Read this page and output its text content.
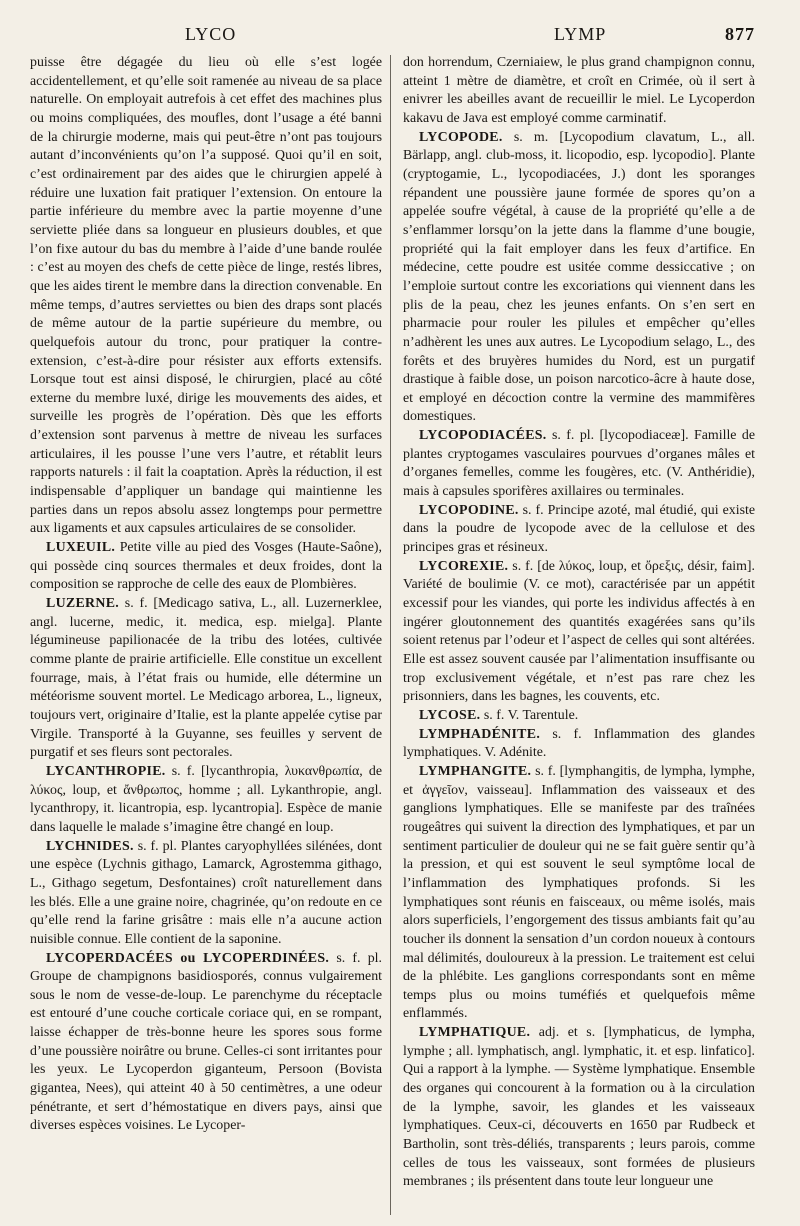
LYCO	LYMP	877

puisse être dégagée du lieu où elle s’est logée accidentellement, et qu’elle soit ramenée au niveau de sa place naturelle. On employait autrefois à cet effet des machines plus ou moins compliquées, des moufles, dont l’usage a été banni de la chirurgie moderne, mais qui peut-être n’ont pas toujours autant d’inconvénients qu’on l’a supposé. Quoi qu’il en soit, c’est ordinairement par des aides que le chirurgien appelé à réduire une luxation fait pratiquer l’extension. On entoure la partie inférieure du membre avec la partie moyenne d’une serviette pliée dans sa longueur en plusieurs doubles, et que l’on fixe autour du bas du membre à l’aide d’une bande roulée : c’est au moyen des chefs de cette pièce de linge, restés libres, que les aides tirent le membre dans la direction convenable. En même temps, d’autres serviettes ou bien des draps sont placés de même autour de la partie supérieure du membre, ou quelquefois autour du tronc, pour pratiquer la contre-extension, c’est-à-dire pour résister aux efforts extensifs. Lorsque tout est ainsi disposé, le chirurgien, placé au côté externe du membre luxé, dirige les mouvements des aides, et surveille les progrès de l’opération. Dès que les efforts d’extension sont parvenus à mettre de niveau les surfaces articulaires, il les pousse l’une vers l’autre, et rétablit leurs rapports naturels : il fait la coaptation. Après la réduction, il est indispensable d’appliquer un bandage qui maintienne les parties dans un repos absolu assez longtemps pour permettre aux ligaments et aux capsules articulaires de se consolider.

LUXEUIL. Petite ville au pied des Vosges (Haute-Saône), qui possède cinq sources thermales et deux froides, dont la composition se rapproche de celle des eaux de Plombières.

LUZERNE. s. f. [Medicago sativa, L., all. Luzernerklee, angl. lucerne, medic, it. medica, esp. mielga]. Plante légumineuse papilionacée de la tribu des lotées, cultivée comme plante de prairie artificielle. Elle constitue un excellent fourrage, mais, à l’état frais ou humide, elle détermine un météorisme souvent mortel. Le Medicago arborea, L., ligneux, toujours vert, originaire d’Italie, est la plante appelée cytise par Virgile. Transporté à la Guyanne, ses feuilles y servent de purgatif et ses fleurs sont pectorales.

LYCANTHROPIE. s. f. [lycanthropia, λυκανθρωπία, de λύκος, loup, et ἄνθρωπος, homme ; all. Lykanthropie, angl. lycanthropy, it. licantropia, esp. lycantropia]. Espèce de manie dans laquelle le malade s’imagine être changé en loup.

LYCHNIDES. s. f. pl. Plantes caryophyllées silénées, dont une espèce (Lychnis githago, Lamarck, Agrostemma githago, L., Githago segetum, Desfontaines) croît naturellement dans les blés. Elle a une graine noire, chagrinée, qu’on redoute en ce qu’elle rend la farine grisâtre : mais elle n’a aucune action nuisible connue. Elle contient de la saponine.

LYCOPERDACÉES ou LYCOPERDINÉES. s. f. pl. Groupe de champignons basidiosporés, connus vulgairement sous le nom de vesse-de-loup. Le parenchyme du réceptacle est entouré d’une couche corticale coriace qui, en se rompant, laisse échapper de très-bonne heure les spores sous forme d’une poussière noirâtre ou brune. Celles-ci sont irritantes pour les yeux. Le Lycoperdon giganteum, Persoon (Bovista gigantea, Nees), qui atteint 40 à 50 centimètres, a une odeur pénétrante, et sert d’hémostatique en divers pays, ainsi que diverses espèces voisines. Le Lycoper-

don horrendum, Czerniaiew, le plus grand champignon connu, atteint 1 mètre de diamètre, et croît en Crimée, où il sert à enivrer les abeilles avant de recueillir le miel. Le Lycoperdon kakavu de Java est employé comme carminatif.

LYCOPODE. s. m. [Lycopodium clavatum, L., all. Bärlapp, angl. club-moss, it. licopodio, esp. lycopodio]. Plante (cryptogamie, L., lycopodiacées, J.) dont les sporanges répandent une poussière jaune formée de spores qu’on a appelée soufre végétal, à cause de la propriété qu’elle a de s’enflammer lorsqu’on la jette dans la flamme d’une bougie, propriété qui la fait employer dans les feux d’artifice. En médecine, cette poudre est usitée comme dessiccative ; on l’emploie surtout contre les excoriations qui viennent dans les plis de la peau, chez les jeunes enfants. On s’en sert en pharmacie pour rouler les pilules et empêcher qu’elles n’adhèrent les unes aux autres. Le Lycopodium selago, L., des forêts et des bruyères humides du Nord, est un purgatif drastique à faible dose, un poison narcotico-âcre à haute dose, et employé en décoction contre la vermine des mammifères domestiques.

LYCOPODIACÉES. s. f. pl. [lycopodiaceæ]. Famille de plantes cryptogames vasculaires pourvues d’organes mâles et d’organes femelles, comme les fougères, etc. (V. Anthéridie), mais à capsules sporifères axillaires ou terminales.

LYCOPODINE. s. f. Principe azoté, mal étudié, qui existe dans la poudre de lycopode avec de la cellulose et des principes gras et résineux.

LYCOREXIE. s. f. [de λύκος, loup, et ὄρεξις, désir, faim]. Variété de boulimie (V. ce mot), caractérisée par un appétit excessif pour les viandes, qui porte les individus affectés à en ingérer gloutonnement des quantités exagérées sans qu’ils soient retenus par l’odeur et l’aspect de celles qui sont altérées. Elle est assez souvent causée par l’alimentation insuffisante ou trop exclusivement végétale, et n’est pas rare chez les prisonniers, dans les bagnes, les couvents, etc.

LYCOSE. s. f. V. Tarentule.

LYMPHADÉNITE. s. f. Inflammation des glandes lymphatiques. V. Adénite.

LYMPHANGITE. s. f. [lymphangitis, de lympha, lymphe, et ἀγγεῖον, vaisseau]. Inflammation des vaisseaux et des ganglions lymphatiques. Elle se manifeste par des traînées rougeâtres qui suivent la direction des lymphatiques, et par un sentiment particulier de douleur qui ne se fait guère sentir qu’à la pression, et qui est souvent le seul symptôme local de l’inflammation des lymphatiques profonds. Si les lymphatiques sont réunis en faisceaux, ou même isolés, mais alors superficiels, l’engorgement des tissus ambiants fait qu’au toucher ils donnent la sensation d’un cordon noueux à contours mal délimités, douloureux à la pression. Le traitement est celui de la phlébite. Les ganglions correspondants sont en même temps plus ou moins tuméfiés et quelquefois même enflammés.

LYMPHATIQUE. adj. et s. [lymphaticus, de lympha, lymphe ; all. lymphatisch, angl. lymphatic, it. et esp. linfatico]. Qui a rapport à la lymphe. — Système lymphatique. Ensemble des organes qui concourent à la formation ou à la circulation de la lymphe, savoir, les glandes et les vaisseaux lymphatiques. Ceux-ci, découverts en 1650 par Rudbeck et Bartholin, sont très-déliés, transparents ; leurs parois, comme celles de tous les vaisseaux, sont formées de plusieurs membranes ; ils présentent dans toute leur longueur une
